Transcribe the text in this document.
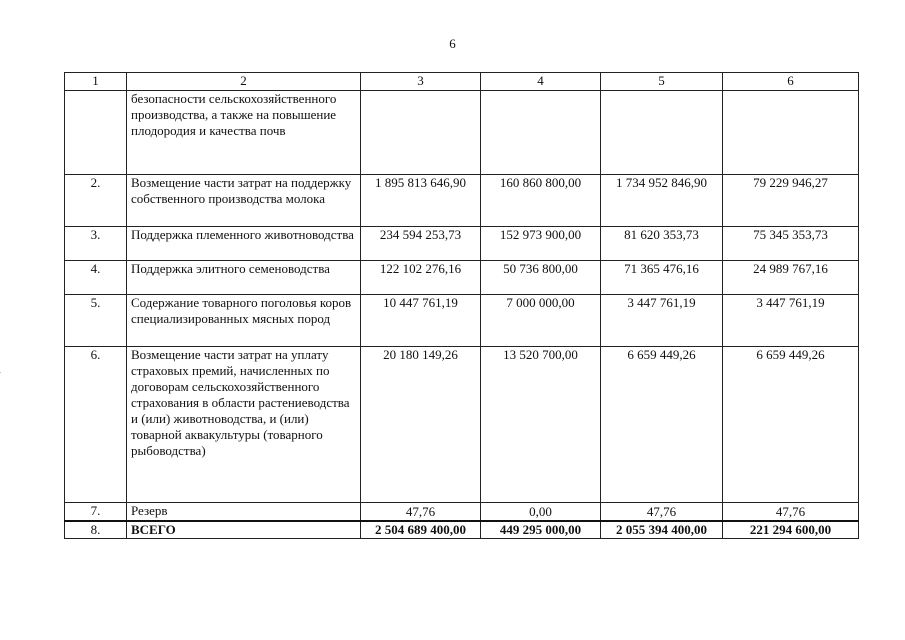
6
1	2	3	4	5	6
	безопасности сельскохозяйственного производства, а также на повышение плодородия и качества почв				
2.	Возмещение части затрат на поддержку собственного производства молока	1 895 813 646,90	160 860 800,00	1 734 952 846,90	79 229 946,27
3.	Поддержка племенного животноводства	234 594 253,73	152 973 900,00	81 620 353,73	75 345 353,73
4.	Поддержка элитного семеноводства	122 102 276,16	50 736 800,00	71 365 476,16	24 989 767,16
5.	Содержание товарного поголовья коров специализированных мясных пород	10 447 761,19	7 000 000,00	3 447 761,19	3 447 761,19
6.	Возмещение части затрат на уплату страховых премий, начисленных по договорам сельскохозяйственного страхования в области растениеводства и (или) животноводства, и (или) товарной аквакультуры (товарного рыбоводства)	20 180 149,26	13 520 700,00	6 659 449,26	6 659 449,26
7.	Резерв	47,76	0,00	47,76	47,76
8.	ВСЕГО	2 504 689 400,00	449 295 000,00	2 055 394 400,00	221 294 600,00
